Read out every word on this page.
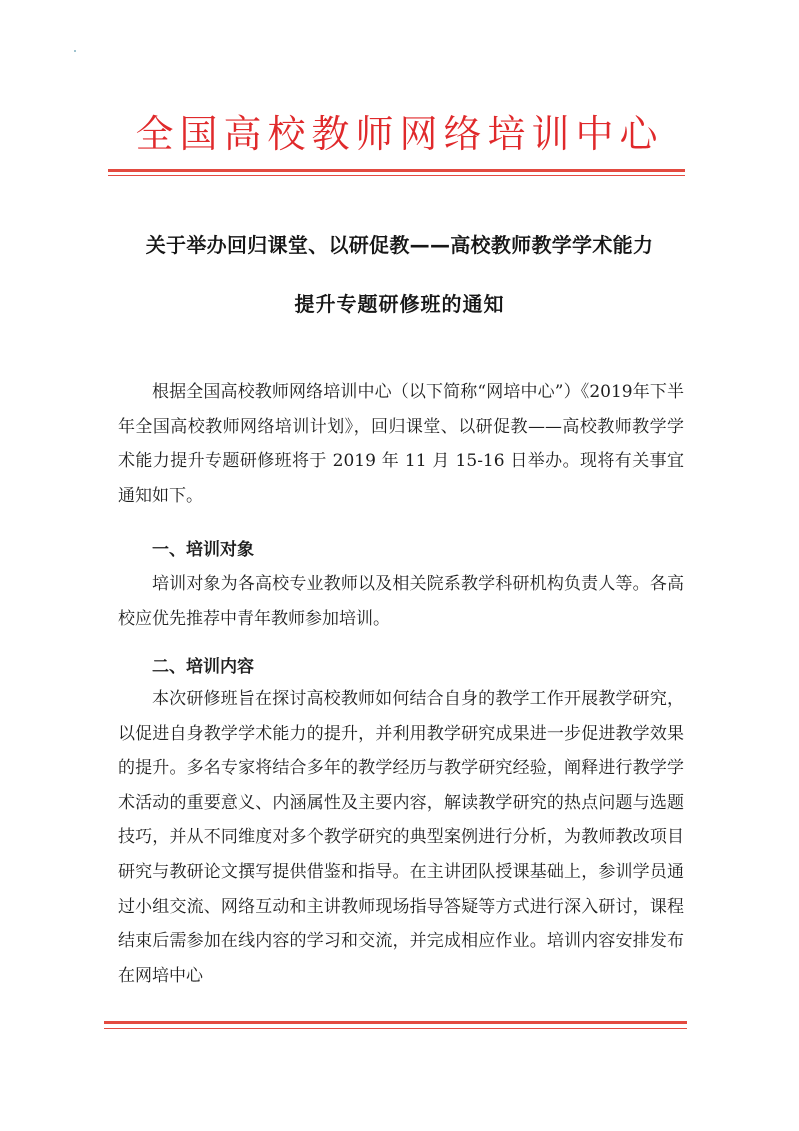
全国高校教师网络培训中心
关于举办回归课堂、以研促教——高校教师教学学术能力
提升专题研修班的通知

根据全国高校教师网络培训中心（以下简称“网培中心”）《2019年下半年全国高校教师网络培训计划》，回归课堂、以研促教——高校教师教学学术能力提升专题研修班将于 2019 年 11 月 15-16 日举办。现将有关事宜通知如下。

一、培训对象

培训对象为各高校专业教师以及相关院系教学科研机构负责人等。各高校应优先推荐中青年教师参加培训。

二、培训内容

本次研修班旨在探讨高校教师如何结合自身的教学工作开展教学研究，以促进自身教学学术能力的提升，并利用教学研究成果进一步促进教学效果的提升。多名专家将结合多年的教学经历与教学研究经验，阐释进行教学学术活动的重要意义、内涵属性及主要内容，解读教学研究的热点问题与选题技巧，并从不同维度对多个教学研究的典型案例进行分析，为教师教改项目研究与教研论文撰写提供借鉴和指导。在主讲团队授课基础上，参训学员通过小组交流、网络互动和主讲教师现场指导答疑等方式进行深入研讨，课程结束后需参加在线内容的学习和交流，并完成相应作业。培训内容安排发布在网培中心
